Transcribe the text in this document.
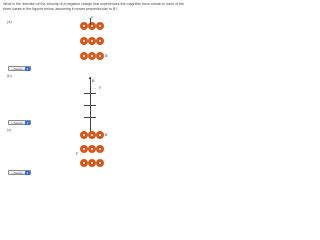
What is the direction of the velocity of a negative charge that experiences the magnetic force shown in each of the three cases in the figures below, assuming it moves perpendicular to B?
(a)
F
B
---Select--- ▾
(b)	▲
B
→ F
---Select--- ▾
(c)
B
←
F
---Select--- ▾
